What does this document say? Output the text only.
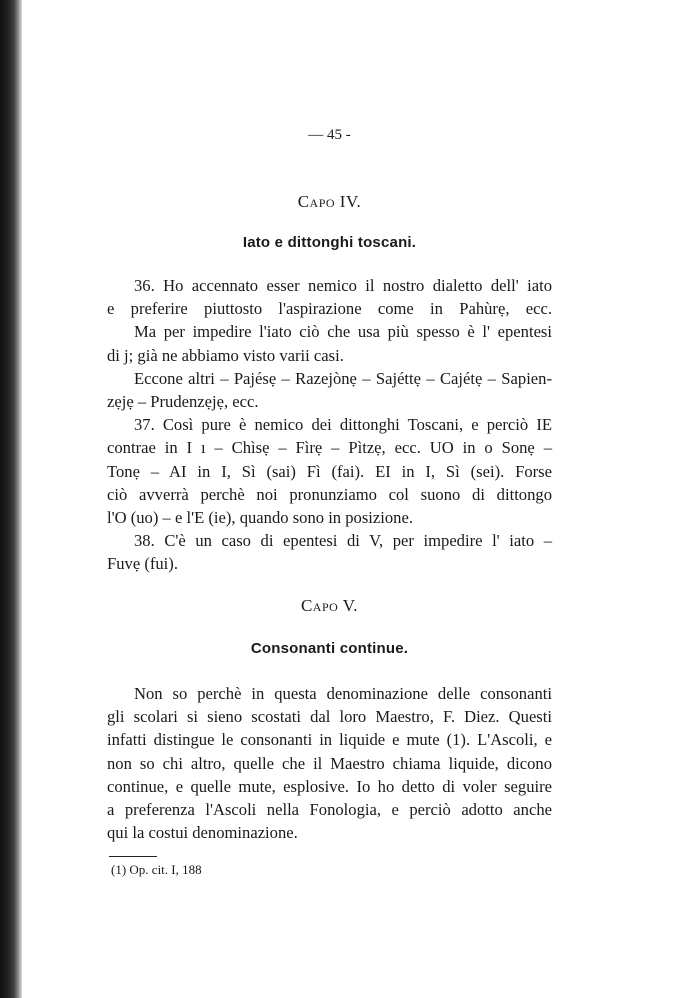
— 45 -
Capo IV.
Iato e dittonghi toscani.

36. Ho accennato esser nemico il nostro dialetto dell' iato

e preferire piuttosto l'aspirazione come in Pahùrẹ, ecc.

Ma per impedire l'iato ciò che usa più spesso è l' epentesi

di j; già ne abbiamo visto varii casi.

Eccone altri – Pajésẹ – Razejònẹ – Sajéttẹ – Cajétẹ – Sapien-

zẹjẹ – Prudenzẹjẹ, ecc.

37. Così pure è nemico dei dittonghi Toscani, e perciò IE

contrae in I ı – Chìsẹ – Fìrẹ – Pìtzẹ, ecc. UO in o Sonẹ –

Tonẹ – AI in I, Sì (sai) Fì (fai). EI in I, Sì (sei). Forse

ciò avverrà perchè noi pronunziamo col suono di dittongo

l'O (uo) – e l'E (ie), quando sono in posizione.

38. C'è un caso di epentesi di V, per impedire l' iato –

Fuvẹ (fui).

Capo V.
Consonanti continue.

Non so perchè in questa denominazione delle consonanti

gli scolari si sieno scostati dal loro Maestro, F. Diez. Questi

infatti distingue le consonanti in liquide e mute (1). L'Ascoli, e

non so chi altro, quelle che il Maestro chiama liquide, dicono

continue, e quelle mute, esplosive. Io ho detto di voler seguire

a preferenza l'Ascoli nella Fonologia, e perciò adotto anche

qui la costui denominazione.

(1) Op. cit. I, 188
